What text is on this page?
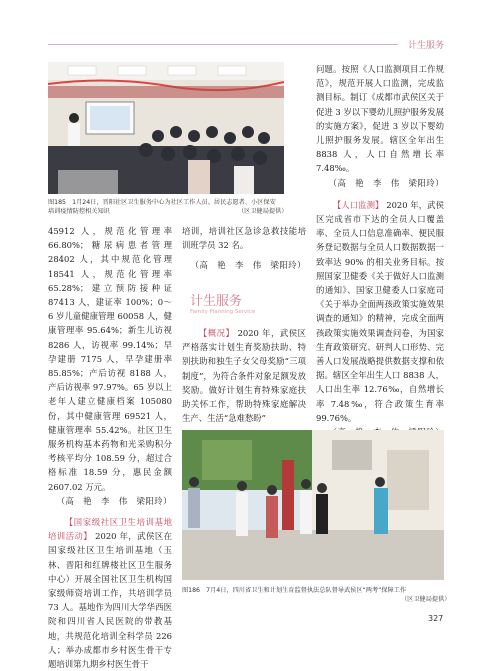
计生服务
图185　1月24日，晋阳社区卫生服务中心为社区工作人员、居民志愿者、小区保安培训疫情防控相关知识	（区卫健局提供）

45912 人，规范化管理率 66.80%；糖尿病患者管理 28402 人，其中规范化管理 18541 人，规范化管理率 65.28%；建立预防接种证 87413 人，建证率 100%；0～6 岁儿童健康管理 60058 人，健康管理率 95.64%；新生儿访视 8286 人，访视率 99.14%；早孕建册 7175 人，早孕建册率 85.85%；产后访视 8188 人，产后访视率 97.97%。65 岁以上老年人建立健康档案 105080 份，其中健康管理 69521 人，健康管理率 55.42%。社区卫生服务机构基本药物和光采购积分考核平均分 108.59 分，超过合格标准 18.59 分，惠民金额 2607.02 万元。

（高　艳　李　伟　梁阳玲）

【国家级社区卫生培训基地培训活动】 2020 年，武侯区在国家级社区卫生培训基地（玉林、晋阳和红牌楼社区卫生服务中心）开展全国社区卫生机构国家级师资培训工作，共培训学员 73 人。基地作为四川大学华西医院和四川省人民医院的带教基地，共规范化培训全科学员 226 人；举办成都市乡村医生骨干专题培训第九期乡村医生骨干

培训，培训社区急诊急救技能培训班学员 32 名。

（高　艳　李　伟　梁阳玲）

计生服务
Family Planning Service

【概况】 2020 年，武侯区严格落实计划生育奖励扶助、特别扶助和独生子女父母奖励“三项制度”，为符合条件对象足额发放奖励。做好计划生育特殊家庭扶助关怀工作，帮助特殊家庭解决生产、生活“急难愁盼”

问题。按照《人口监测项目工作规范》，规范开展人口监测，完成监测目标。制订《成都市武侯区关于促进 3 岁以下婴幼儿照护服务发展的实施方案》，促进 3 岁以下婴幼儿照护服务发展。辖区全年出生 8838 人，人口自然增长率 7.48‰。

（高　艳　李　伟　梁阳玲）

【人口监测】 2020 年，武侯区完成省市下达的全员人口覆盖率、全员人口信息准确率、便民服务登记数据与全员人口数据数据一致率达 90% 的相关业务目标。按照国家卫健委《关于做好人口监测的通知》、国家卫健委人口家庭司《关于举办全面两孩政策实施效果调查的通知》的精神，完成全面两孩政策实施效果调查问卷，为国家生育政策研究、研判人口形势、完善人口发展战略提供数据支撑和依据。辖区全年出生人口 8838 人，人口出生率 12.76‰，自然增长率 7.48‰，符合政策生育率 99.76%。

图186　7月4日，四川省卫生和计划生育监督执法总队督导武侯区“两考”保障工作
（区卫健局提供）
327
